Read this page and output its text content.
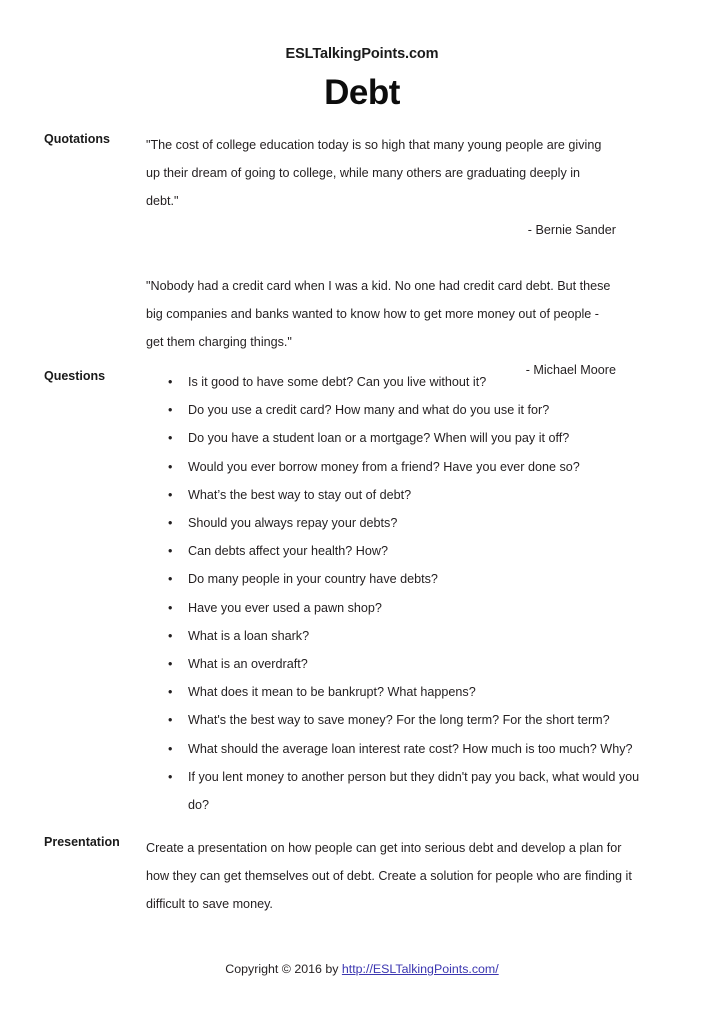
ESLTalkingPoints.com
Debt
Quotations	"The cost of college education today is so high that many young people are giving up their dream of going to college, while many others are graduating deeply in debt."
- Bernie Sander
"Nobody had a credit card when I was a kid. No one had credit card debt. But these big companies and banks wanted to know how to get more money out of people - get them charging things."
- Michael Moore
Questions	• Is it good to have some debt? Can you live without it?
• Do you use a credit card? How many and what do you use it for?
• Do you have a student loan or a mortgage? When will you pay it off?
• Would you ever borrow money from a friend? Have you ever done so?
• What’s the best way to stay out of debt?
• Should you always repay your debts?
• Can debts affect your health? How?
• Do many people in your country have debts?
• Have you ever used a pawn shop?
• What is a loan shark?
• What is an overdraft?
• What does it mean to be bankrupt? What happens?
• What's the best way to save money? For the long term? For the short term?
• What should the average loan interest rate cost? How much is too much? Why?
• If you lent money to another person but they didn't pay you back, what would you do?
Presentation	Create a presentation on how people can get into serious debt and develop a plan for how they can get themselves out of debt. Create a solution for people who are finding it difficult to save money.
Copyright © 2016 by http://ESLTalkingPoints.com/
